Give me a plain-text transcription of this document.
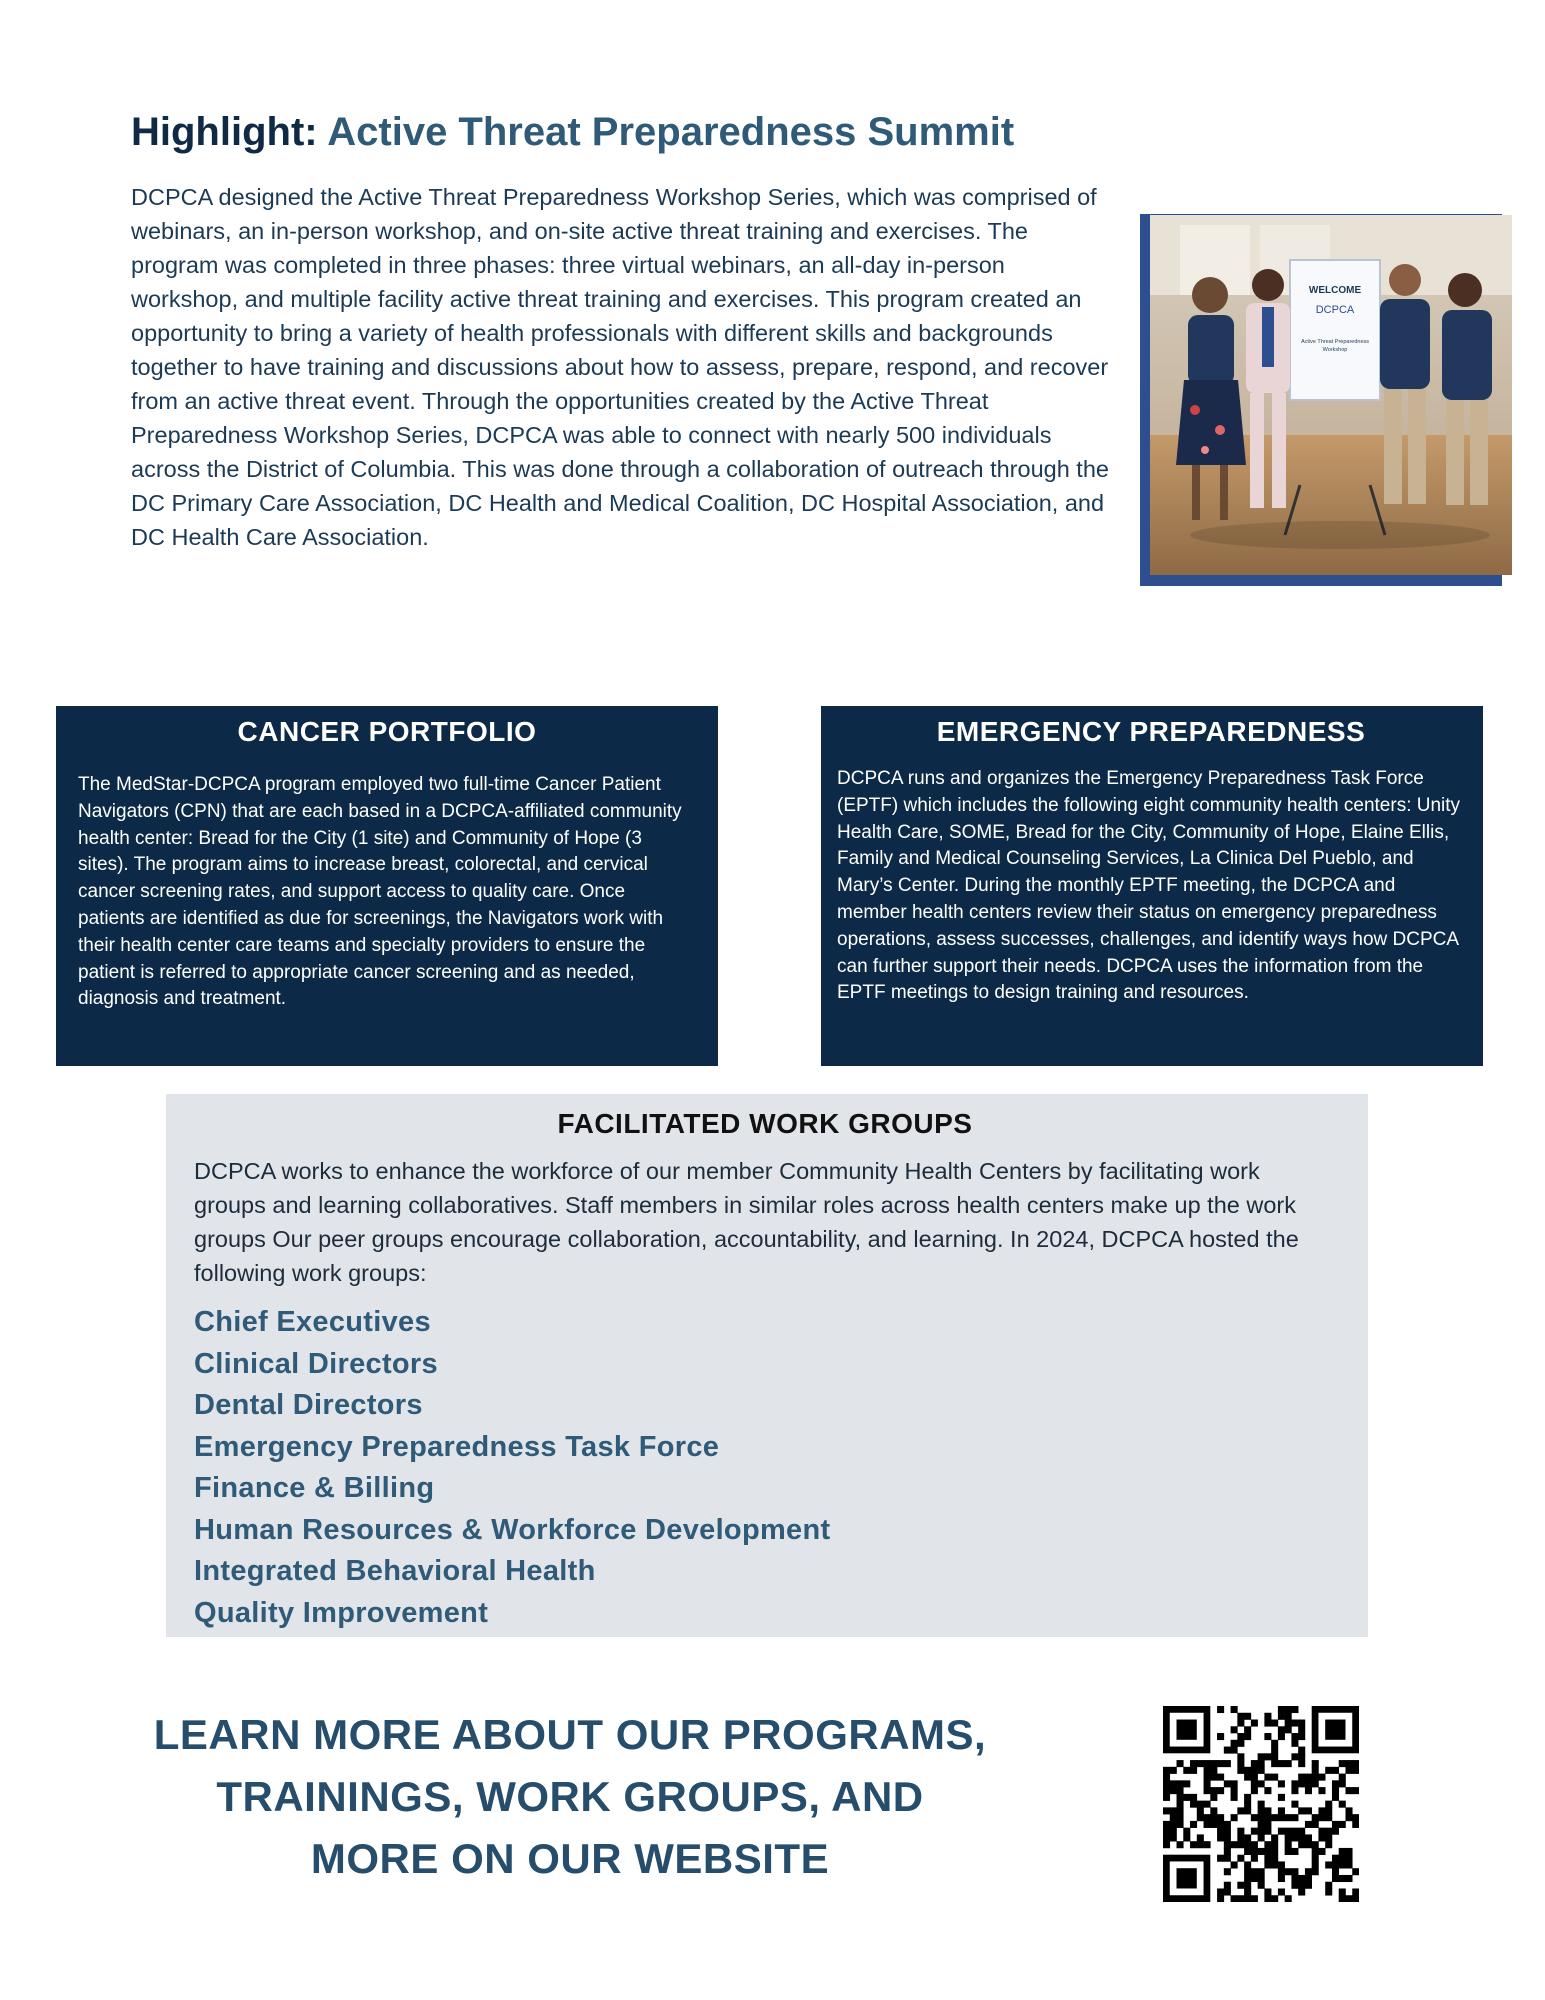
Highlight: Active Threat Preparedness Summit
DCPCA designed the Active Threat Preparedness Workshop Series, which was comprised of webinars, an in-person workshop, and on-site active threat training and exercises. The program was completed in three phases: three virtual webinars, an all-day in-person workshop, and multiple facility active threat training and exercises. This program created an opportunity to bring a variety of health professionals with different skills and backgrounds together to have training and discussions about how to assess, prepare, respond, and recover from an active threat event. Through the opportunities created by the Active Threat Preparedness Workshop Series, DCPCA was able to connect with nearly 500 individuals across the District of Columbia. This was done through a collaboration of outreach through the DC Primary Care Association, DC Health and Medical Coalition, DC Hospital Association, and DC Health Care Association.
WELCOME
DCPCA
Active Threat Preparedness
Workshop
CANCER PORTFOLIO

The MedStar-DCPCA program employed two full-time Cancer Patient Navigators (CPN) that are each based in a DCPCA-affiliated community health center: Bread for the City (1 site) and Community of Hope (3 sites). The program aims to increase breast, colorectal, and cervical cancer screening rates, and support access to quality care. Once patients are identified as due for screenings, the Navigators work with their health center care teams and specialty providers to ensure the patient is referred to appropriate cancer screening and as needed, diagnosis and treatment.

EMERGENCY PREPAREDNESS

DCPCA runs and organizes the Emergency Preparedness Task Force (EPTF) which includes the following eight community health centers: Unity Health Care, SOME, Bread for the City, Community of Hope, Elaine Ellis, Family and Medical Counseling Services, La Clinica Del Pueblo, and Mary’s Center. During the monthly EPTF meeting, the DCPCA and member health centers review their status on emergency preparedness operations, assess successes, challenges, and identify ways how DCPCA can further support their needs. DCPCA uses the information from the EPTF meetings to design training and resources.

FACILITATED WORK GROUPS

DCPCA works to enhance the workforce of our member Community Health Centers by facilitating work groups and learning collaboratives. Staff members in similar roles across health centers make up the work groups Our peer groups encourage collaboration, accountability, and learning. In 2024, DCPCA hosted the following work groups:

Chief Executives
Clinical Directors
Dental Directors
Emergency Preparedness Task Force
Finance & Billing
Human Resources & Workforce Development
Integrated Behavioral Health
Quality Improvement
LEARN MORE ABOUT OUR PROGRAMS,
TRAININGS, WORK GROUPS, AND
MORE ON OUR WEBSITE
